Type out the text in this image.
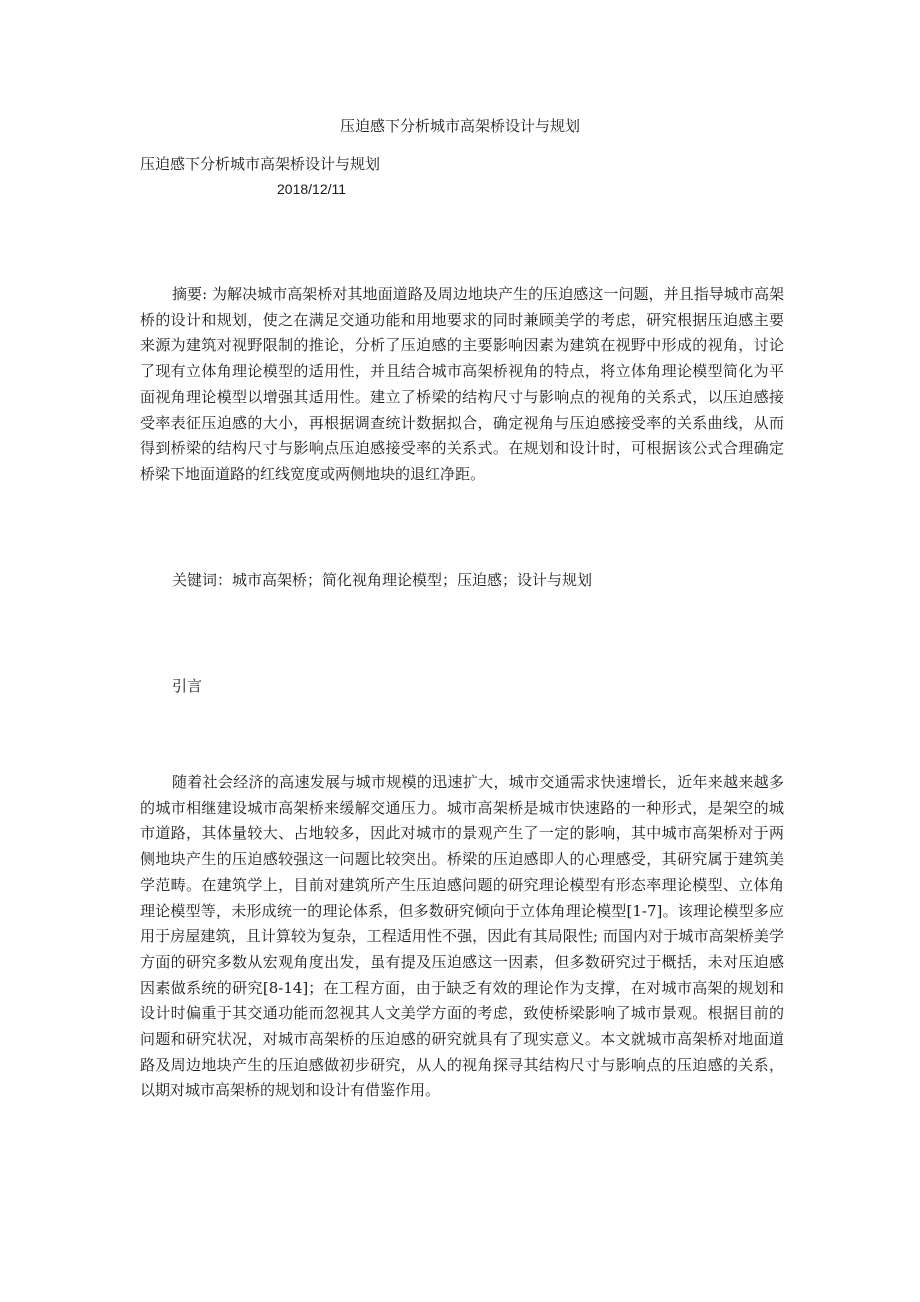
压迫感下分析城市高架桥设计与规划
压迫感下分析城市高架桥设计与规划
2018/12/11

摘要: 为解决城市高架桥对其地面道路及周边地块产生的压迫感这一问题，并且指导城市高架桥的设计和规划，使之在满足交通功能和用地要求的同时兼顾美学的考虑，研究根据压迫感主要来源为建筑对视野限制的推论，分析了压迫感的主要影响因素为建筑在视野中形成的视角，讨论了现有立体角理论模型的适用性，并且结合城市高架桥视角的特点，将立体角理论模型简化为平面视角理论模型以增强其适用性。建立了桥梁的结构尺寸与影响点的视角的关系式，以压迫感接受率表征压迫感的大小，再根据调查统计数据拟合，确定视角与压迫感接受率的关系曲线，从而得到桥梁的结构尺寸与影响点压迫感接受率的关系式。在规划和设计时，可根据该公式合理确定桥梁下地面道路的红线宽度或两侧地块的退红净距。

关键词：城市高架桥；简化视角理论模型；压迫感；设计与规划

引言

随着社会经济的高速发展与城市规模的迅速扩大，城市交通需求快速增长，近年来越来越多的城市相继建设城市高架桥来缓解交通压力。城市高架桥是城市快速路的一种形式，是架空的城市道路，其体量较大、占地较多，因此对城市的景观产生了一定的影响，其中城市高架桥对于两侧地块产生的压迫感较强这一问题比较突出。桥梁的压迫感即人的心理感受，其研究属于建筑美学范畴。在建筑学上，目前对建筑所产生压迫感问题的研究理论模型有形态率理论模型、立体角理论模型等，未形成统一的理论体系，但多数研究倾向于立体角理论模型[1-7]。该理论模型多应用于房屋建筑，且计算较为复杂，工程适用性不强，因此有其局限性; 而国内对于城市高架桥美学方面的研究多数从宏观角度出发，虽有提及压迫感这一因素，但多数研究过于概括，未对压迫感因素做系统的研究[8-14]；在工程方面，由于缺乏有效的理论作为支撑，在对城市高架的规划和设计时偏重于其交通功能而忽视其人文美学方面的考虑，致使桥梁影响了城市景观。根据目前的问题和研究状况，对城市高架桥的压迫感的研究就具有了现实意义。本文就城市高架桥对地面道路及周边地块产生的压迫感做初步研究，从人的视角探寻其结构尺寸与影响点的压迫感的关系，以期对城市高架桥的规划和设计有借鉴作用。
